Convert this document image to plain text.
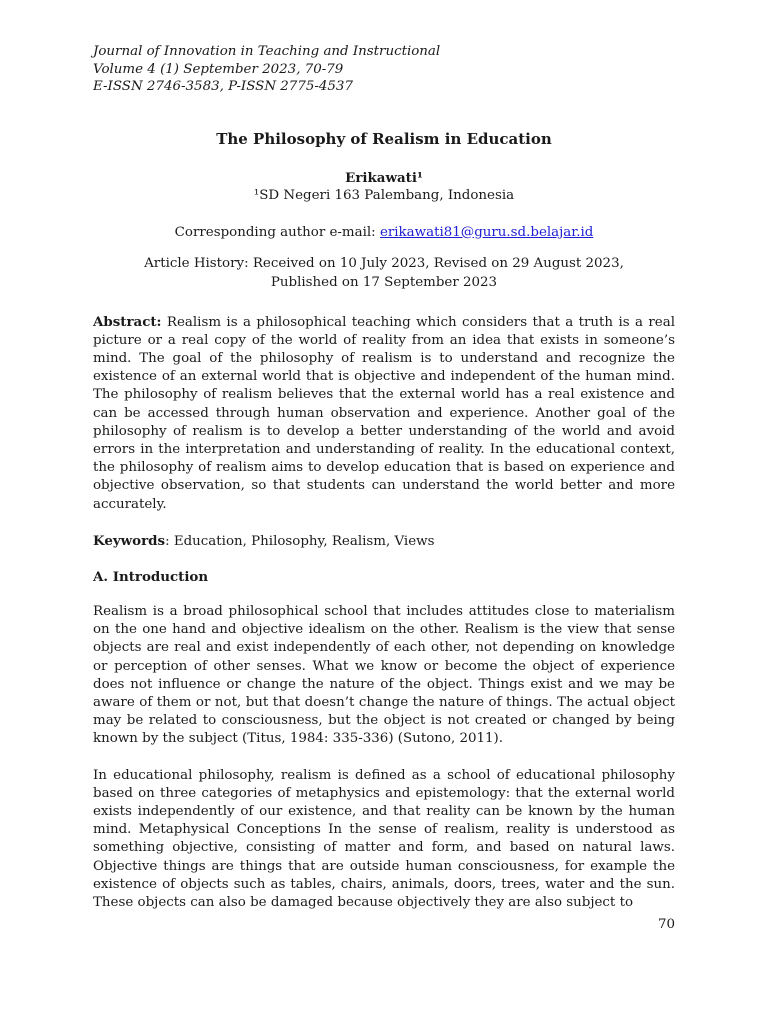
Journal of Innovation in Teaching and Instructional
Volume 4 (1) September 2023, 70-79
E-ISSN 2746-3583, P-ISSN 2775-4537
The Philosophy of Realism in Education
Erikawati¹
¹SD Negeri 163 Palembang, Indonesia
Corresponding author e-mail: erikawati81@guru.sd.belajar.id
Article History: Received on 10 July 2023, Revised on 29 August 2023,
Published on 17 September 2023

Abstract: Realism is a philosophical teaching which considers that a truth is a real picture or a real copy of the world of reality from an idea that exists in someone’s mind. The goal of the philosophy of realism is to understand and recognize the existence of an external world that is objective and independent of the human mind. The philosophy of realism believes that the external world has a real existence and can be accessed through human observation and experience. Another goal of the philosophy of realism is to develop a better understanding of the world and avoid errors in the interpretation and understanding of reality. In the educational context, the philosophy of realism aims to develop education that is based on experience and objective observation, so that students can understand the world better and more accurately.

Keywords: Education, Philosophy, Realism, Views

A. Introduction

Realism is a broad philosophical school that includes attitudes close to materialism on the one hand and objective idealism on the other. Realism is the view that sense objects are real and exist independently of each other, not depending on knowledge or perception of other senses. What we know or become the object of experience does not influence or change the nature of the object. Things exist and we may be aware of them or not, but that doesn’t change the nature of things. The actual object may be related to consciousness, but the object is not created or changed by being known by the subject (Titus, 1984: 335-336) (Sutono, 2011).

In educational philosophy, realism is defined as a school of educational philosophy based on three categories of metaphysics and epistemology: that the external world exists independently of our existence, and that reality can be known by the human mind. Metaphysical Conceptions In the sense of realism, reality is understood as something objective, consisting of matter and form, and based on natural laws. Objective things are things that are outside human consciousness, for example the existence of objects such as tables, chairs, animals, doors, trees, water and the sun. These objects can also be damaged because objectively they are also subject to

70
